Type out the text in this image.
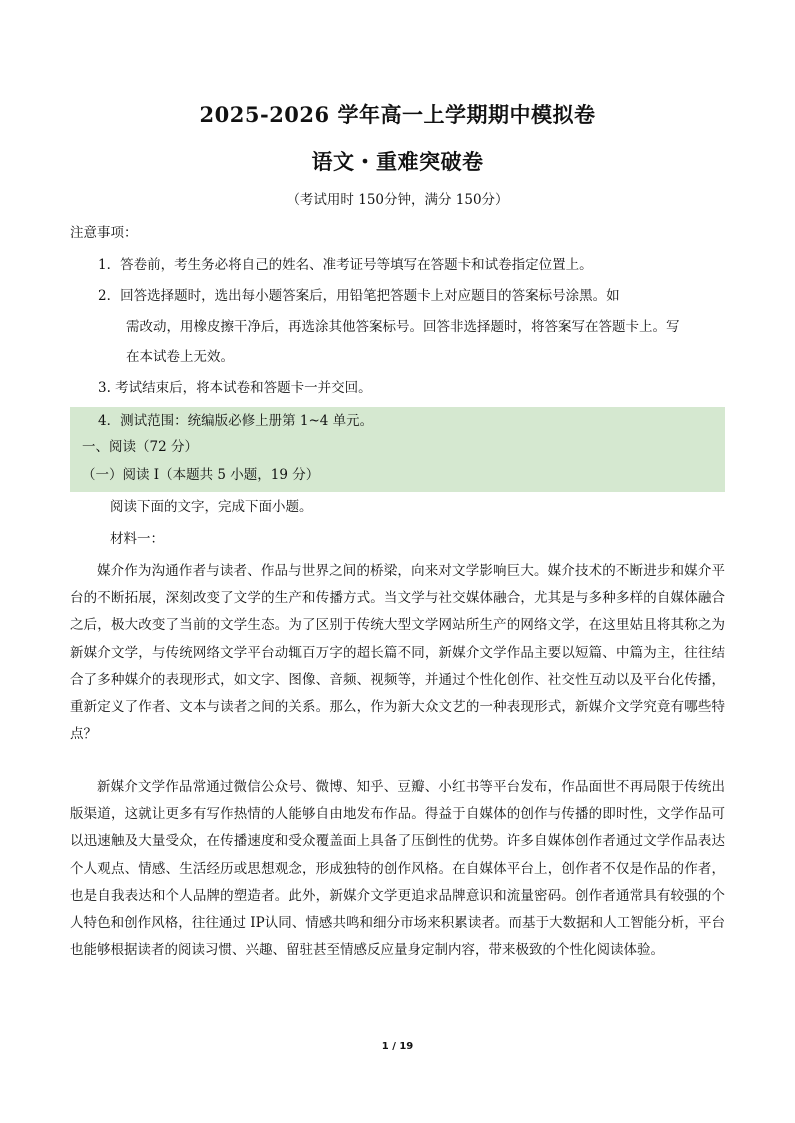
2025-2026 学年高一上学期期中模拟卷
语文・重难突破卷
（考试用时 150分钟，满分 150分）
注意事项：
1．答卷前，考生务必将自己的姓名、准考证号等填写在答题卡和试卷指定位置上。
2．回答选择题时，选出每小题答案后，用铅笔把答题卡上对应题目的答案标号涂黑。如
需改动，用橡皮擦干净后，再选涂其他答案标号。回答非选择题时，将答案写在答题卡上。写
在本试卷上无效。
3. 考试结束后，将本试卷和答题卡一并交回。
4．测试范围：统编版必修上册第 1~4 单元。
一、阅读（72 分）
（一）阅读 I（本题共 5 小题，19 分）
阅读下面的文字，完成下面小题。
材料一：

媒介作为沟通作者与读者、作品与世界之间的桥梁，向来对文学影响巨大。媒介技术的不断进步和媒介平台的不断拓展，深刻改变了文学的生产和传播方式。当文学与社交媒体融合，尤其是与多种多样的自媒体融合之后，极大改变了当前的文学生态。为了区别于传统大型文学网站所生产的网络文学，在这里姑且将其称之为新媒介文学，与传统网络文学平台动辄百万字的超长篇不同，新媒介文学作品主要以短篇、中篇为主，往往结合了多种媒介的表现形式，如文字、图像、音频、视频等，并通过个性化创作、社交性互动以及平台化传播，重新定义了作者、文本与读者之间的关系。那么，作为新大众文艺的一种表现形式，新媒介文学究竟有哪些特点？

新媒介文学作品常通过微信公众号、微博、知乎、豆瓣、小红书等平台发布，作品面世不再局限于传统出版渠道，这就让更多有写作热情的人能够自由地发布作品。得益于自媒体的创作与传播的即时性，文学作品可以迅速触及大量受众，在传播速度和受众覆盖面上具备了压倒性的优势。许多自媒体创作者通过文学作品表达个人观点、情感、生活经历或思想观念，形成独特的创作风格。在自媒体平台上，创作者不仅是作品的作者，也是自我表达和个人品牌的塑造者。此外，新媒介文学更追求品牌意识和流量密码。创作者通常具有较强的个人特色和创作风格，往往通过 IP认同、情感共鸣和细分市场来积累读者。而基于大数据和人工智能分析，平台也能够根据读者的阅读习惯、兴趣、留驻甚至情感反应量身定制内容，带来极致的个性化阅读体验。

1 / 19
